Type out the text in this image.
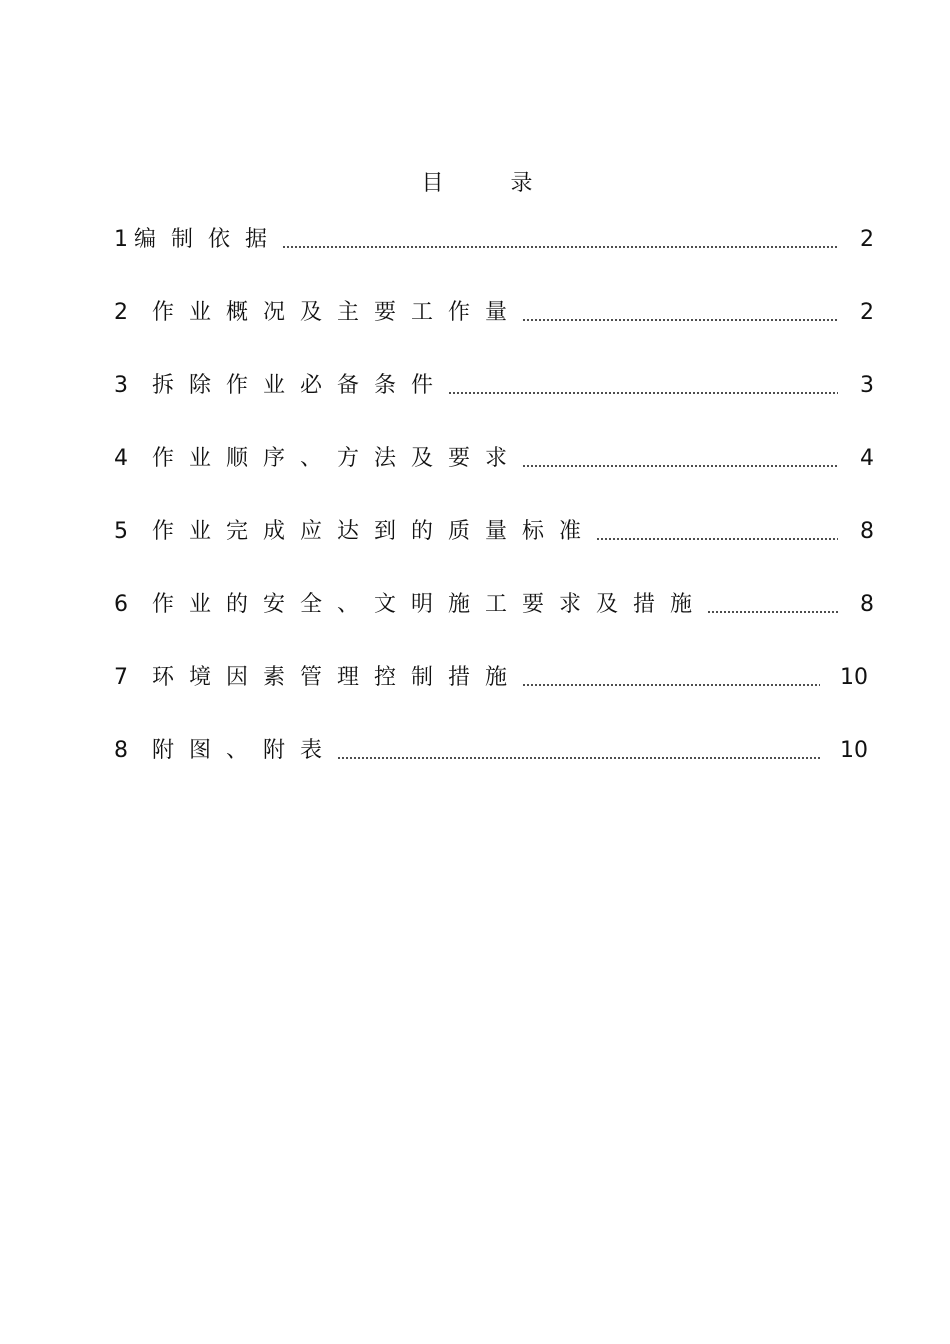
目 录
1 编制依据	2
2	作业概况及主要工作量	2
3	拆除作业必备条件	3
4	作业顺序、方法及要求	4
5	作业完成应达到的质量标准	8
6	作业的安全、文明施工要求及措施	8
7	环境因素管理控制措施	10
8	附图、附表	10
